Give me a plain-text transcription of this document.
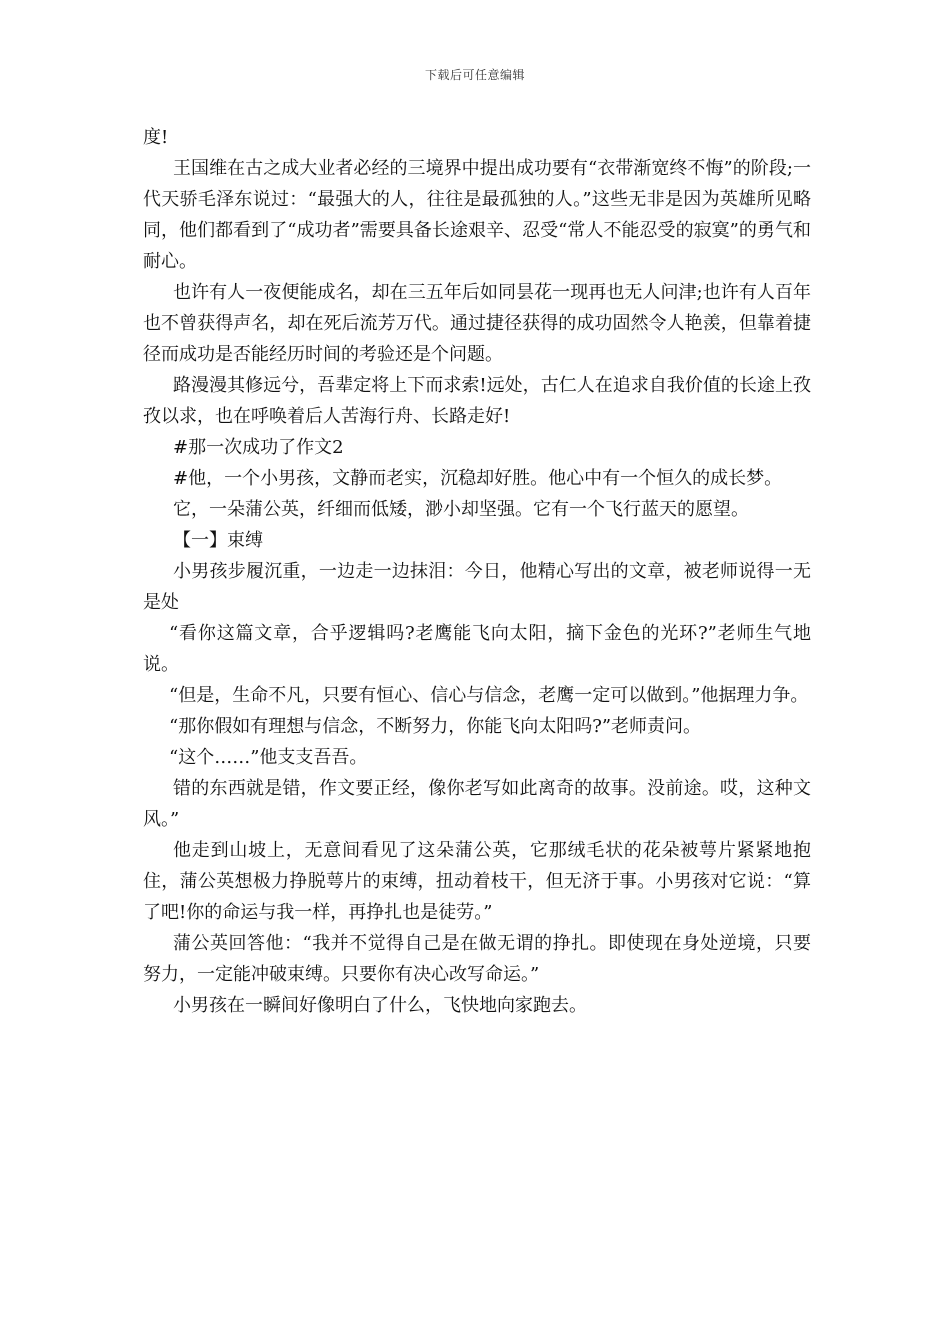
下载后可任意编辑

度!

王国维在古之成大业者必经的三境界中提出成功要有“衣带渐宽终不悔”的阶段;一代天骄毛泽东说过：“最强大的人，往往是最孤独的人。”这些无非是因为英雄所见略同，他们都看到了“成功者”需要具备长途艰辛、忍受“常人不能忍受的寂寞”的勇气和耐心。

也许有人一夜便能成名，却在三五年后如同昙花一现再也无人问津;也许有人百年也不曾获得声名，却在死后流芳万代。通过捷径获得的成功固然令人艳羡，但靠着捷径而成功是否能经历时间的考验还是个问题。

路漫漫其修远兮，吾辈定将上下而求索!远处，古仁人在追求自我价值的长途上孜孜以求，也在呼唤着后人苦海行舟、长路走好!

#那一次成功了作文2

#他，一个小男孩，文静而老实，沉稳却好胜。他心中有一个恒久的成长梦。

它，一朵蒲公英，纤细而低矮，渺小却坚强。它有一个飞行蓝天的愿望。

【一】束缚

小男孩步履沉重，一边走一边抹泪：今日，他精心写出的文章，被老师说得一无是处

“看你这篇文章，合乎逻辑吗?老鹰能飞向太阳，摘下金色的光环?”老师生气地说。

“但是，生命不凡，只要有恒心、信心与信念，老鹰一定可以做到。”他据理力争。

“那你假如有理想与信念，不断努力，你能飞向太阳吗?”老师责问。

“这个……”他支支吾吾。

错的东西就是错，作文要正经，像你老写如此离奇的故事。没前途。哎，这种文风。”

他走到山坡上，无意间看见了这朵蒲公英，它那绒毛状的花朵被萼片紧紧地抱住，蒲公英想极力挣脱萼片的束缚，扭动着枝干，但无济于事。小男孩对它说：“算了吧!你的命运与我一样，再挣扎也是徒劳。”

蒲公英回答他：“我并不觉得自己是在做无谓的挣扎。即使现在身处逆境，只要努力，一定能冲破束缚。只要你有决心改写命运。”

小男孩在一瞬间好像明白了什么，飞快地向家跑去。
